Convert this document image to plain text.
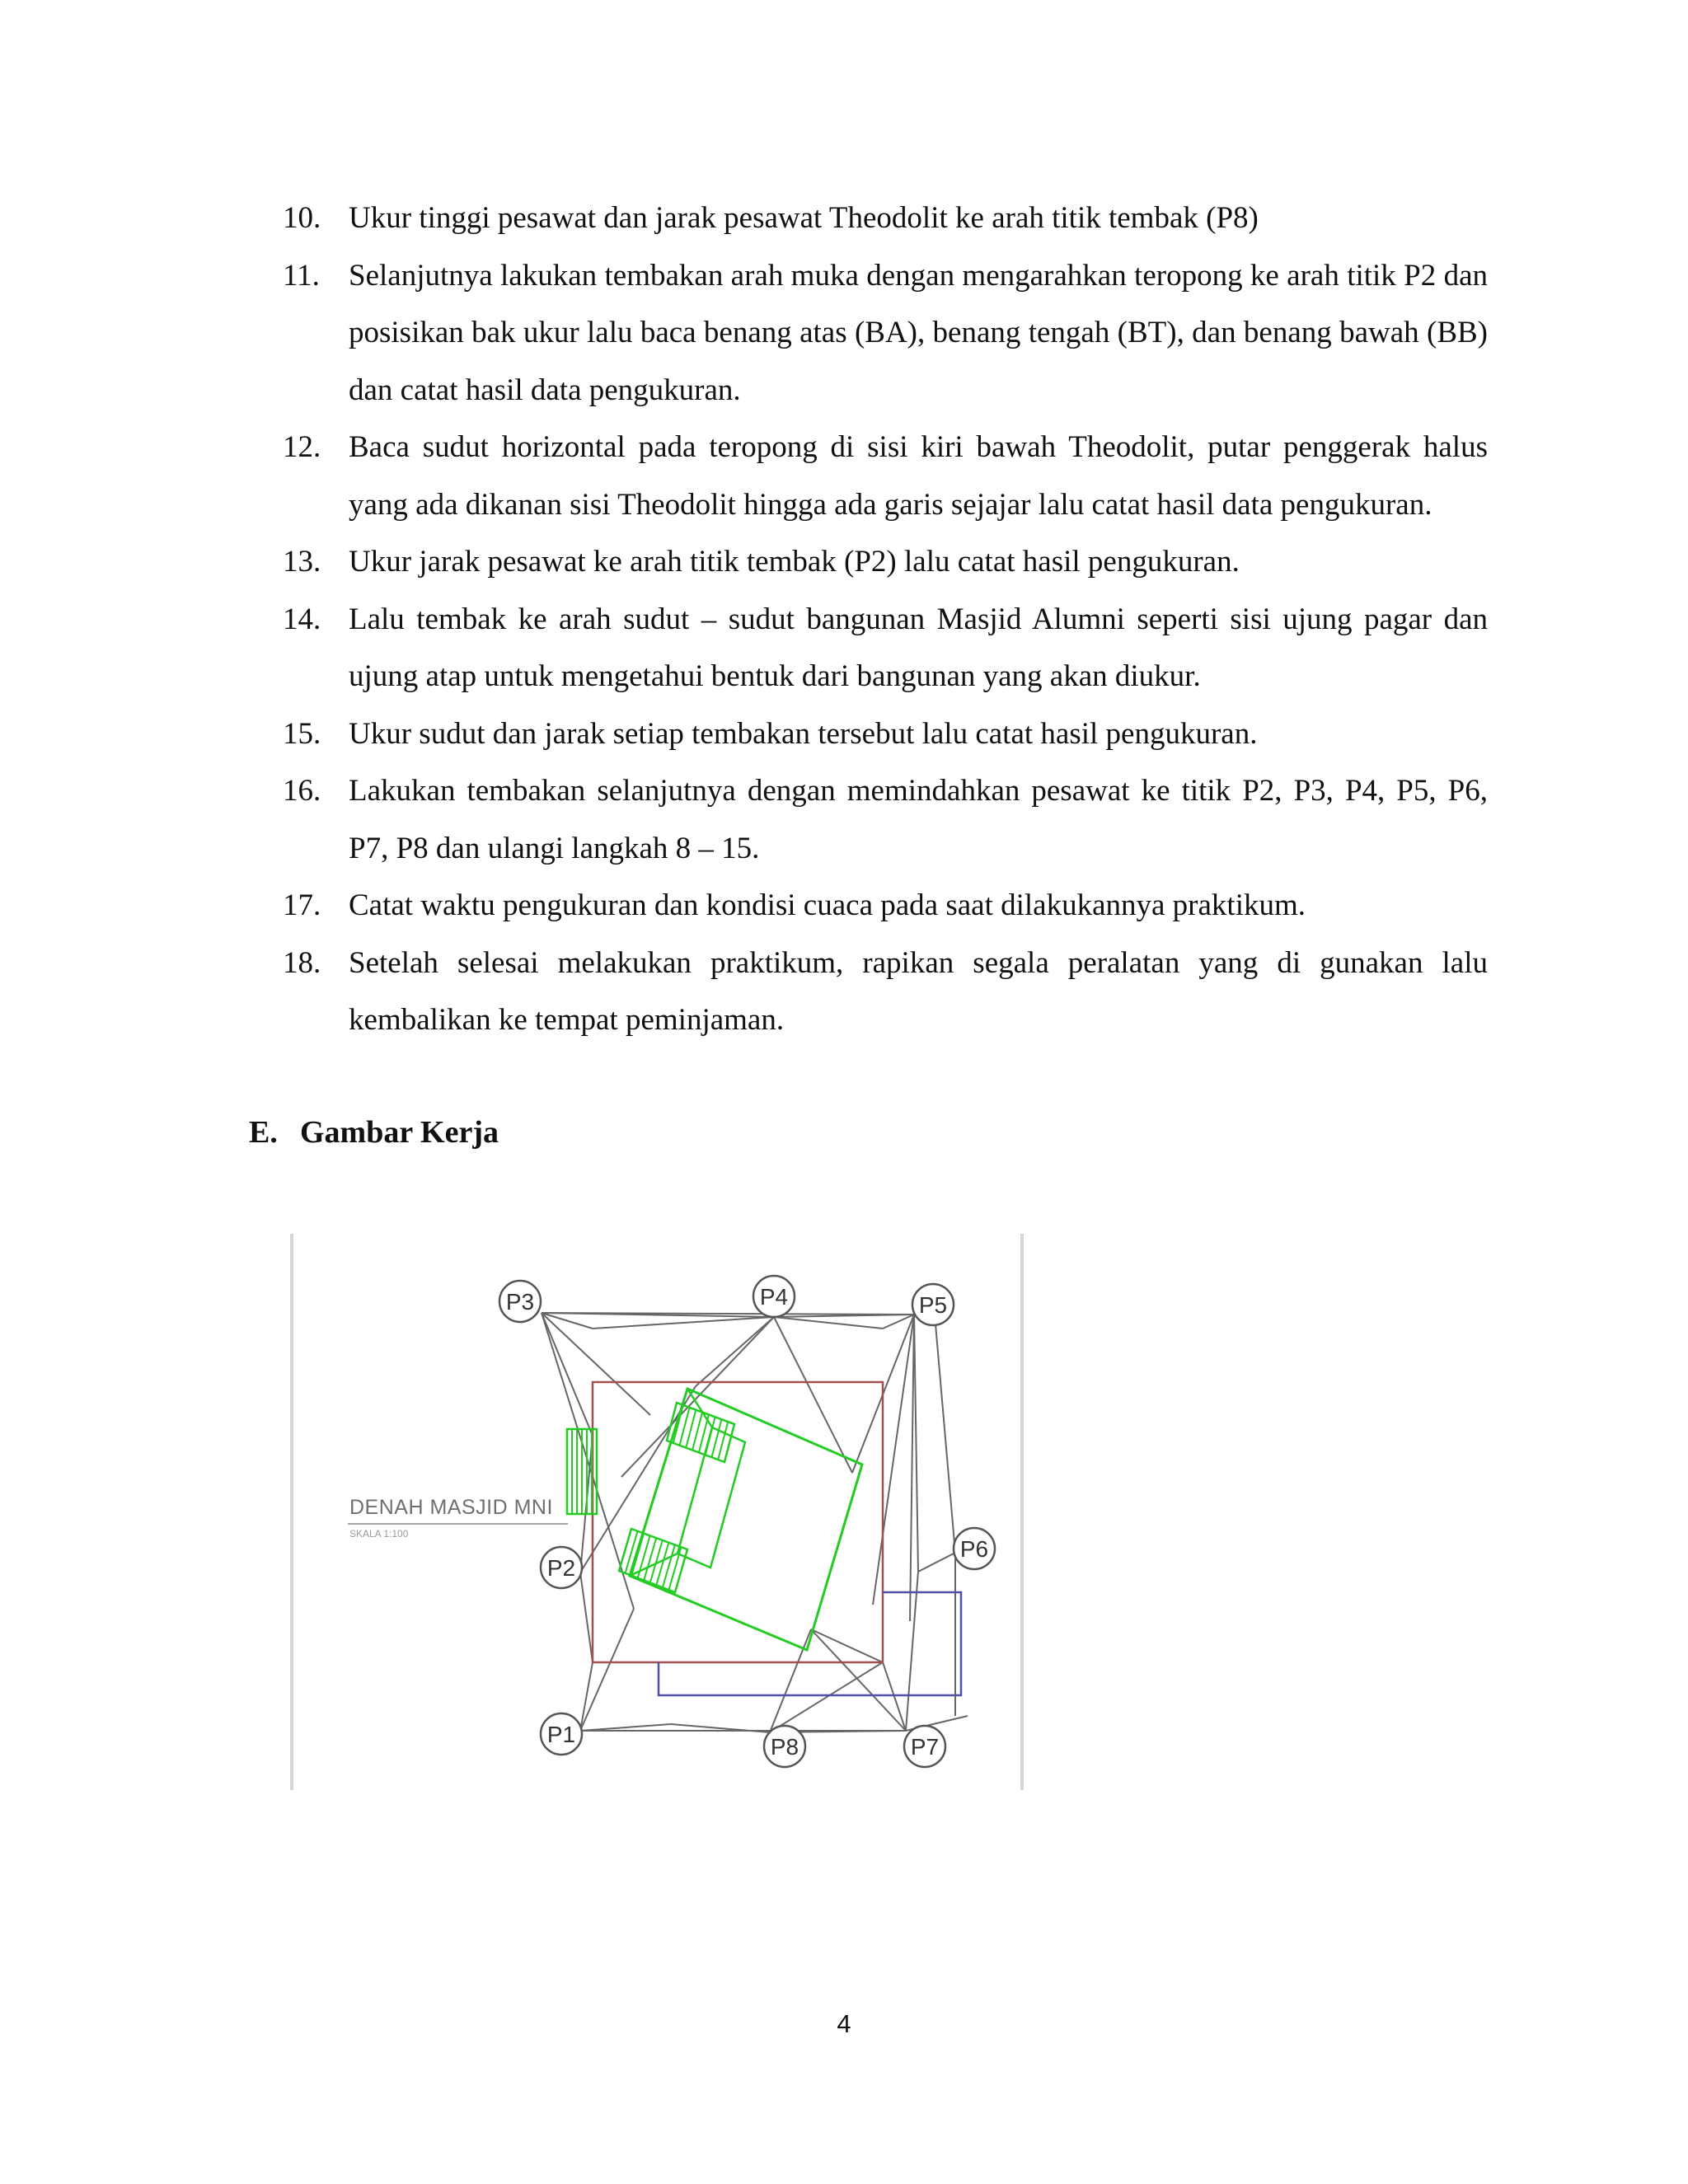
10. Ukur tinggi pesawat dan jarak pesawat Theodolit ke arah titik tembak (P8)
11. Selanjutnya lakukan tembakan arah muka dengan mengarahkan teropong ke arah titik P2 dan posisikan bak ukur lalu baca benang atas (BA), benang tengah (BT), dan benang bawah (BB) dan catat hasil data pengukuran.
12. Baca sudut horizontal pada teropong di sisi kiri bawah Theodolit, putar penggerak halus yang ada dikanan sisi Theodolit hingga ada garis sejajar lalu catat hasil data pengukuran.
13. Ukur jarak pesawat ke arah titik tembak (P2) lalu catat hasil pengukuran.
14. Lalu tembak ke arah sudut – sudut bangunan Masjid Alumni seperti sisi ujung pagar dan ujung atap untuk mengetahui bentuk dari bangunan yang akan diukur.
15. Ukur sudut dan jarak setiap tembakan tersebut lalu catat hasil pengukuran.
16. Lakukan tembakan selanjutnya dengan memindahkan pesawat ke titik P2, P3, P4, P5, P6, P7, P8 dan ulangi langkah 8 – 15.
17. Catat waktu pengukuran dan kondisi cuaca pada saat dilakukannya praktikum.
18. Setelah selesai melakukan praktikum, rapikan segala peralatan yang di gunakan lalu kembalikan ke tempat peminjaman.
E. Gambar Kerja
P1
P2
P3	P4	P5
P6
P7
P8
DENAH MASJID MNI
SKALA 1:100
4
